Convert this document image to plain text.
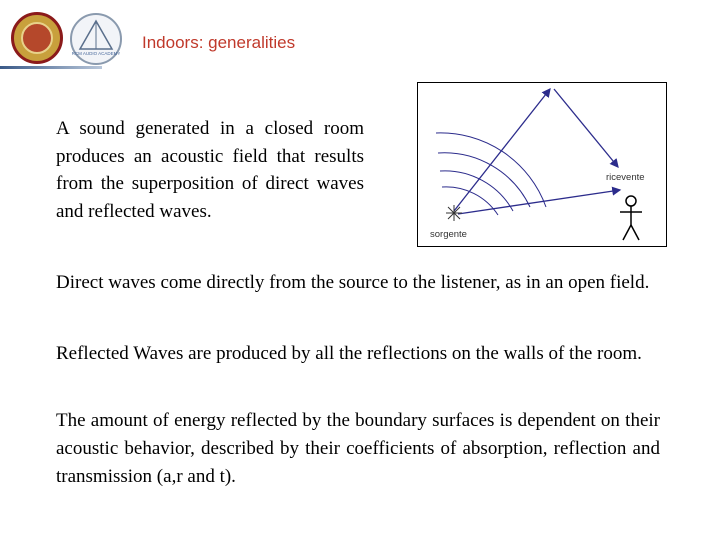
RCM AUDIO ACADEMY
Indoors: generalities
A sound generated in a closed room produces an acoustic field that results from the superposition of direct waves and reflected waves.
ricevente
sorgente
Direct waves come directly from the source to the listener, as in an open field.
Reflected Waves are produced by all the reflections on the walls of the room.
The amount of energy reflected by the boundary surfaces is dependent on their acoustic behavior, described by their coefficients of absorption, reflection and transmission (a,r and t).
